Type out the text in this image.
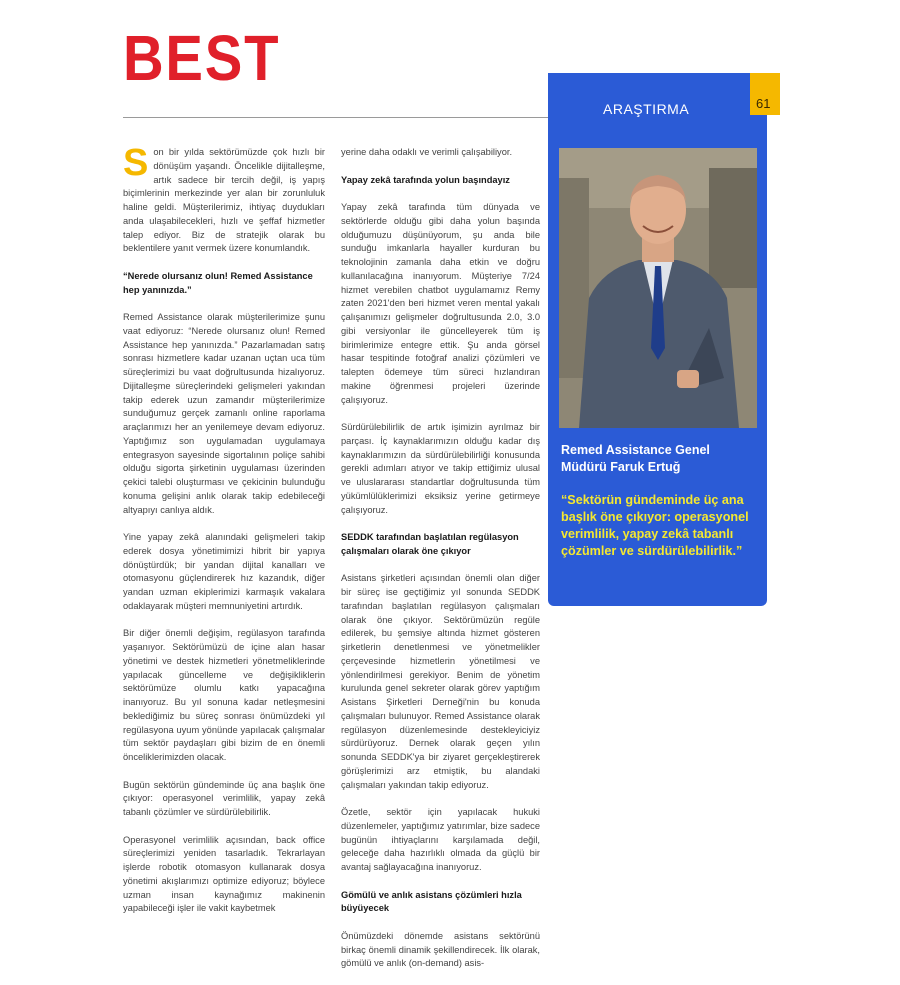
BEST
ARAŞTIRMA	61

Remed Assistance Genel Müdürü Faruk Ertuğ

“Sektörün gündeminde üç ana başlık öne çıkıyor: operasyonel verimlilik, yapay zekâ tabanlı çözümler ve sürdürülebilirlik.”

Son bir yılda sektörümüzde çok hızlı bir dönüşüm yaşandı. Öncelikle dijitalleşme, artık sadece bir tercih değil, iş yapış biçimlerinin merkezinde yer alan bir zorunluluk haline geldi. Müşterilerimiz, ihtiyaç duydukları anda ulaşabilecekleri, hızlı ve şeffaf hizmetler talep ediyor. Biz de stratejik olarak bu beklentilere yanıt vermek üzere konumlandık.

“Nerede olursanız olun! Remed Assistance hep yanınızda.”

Remed Assistance olarak müşterilerimize şunu vaat ediyoruz: “Nerede olursanız olun! Remed Assistance hep yanınızda.” Pazarlamadan satış sonrası hizmetlere kadar uzanan uçtan uca tüm süreçlerimizi bu vaat doğrultusunda hizalıyoruz. Dijitalleşme süreçlerindeki gelişmeleri yakından takip ederek uzun zamandır müşterilerimize sunduğumuz gerçek zamanlı online raporlama araçlarımızı her an yenilemeye devam ediyoruz. Yaptığımız son uygulamadan uygulamaya entegrasyon sayesinde sigortalının poliçe sahibi olduğu sigorta şirketinin uygulaması üzerinden çekici talebi oluşturması ve çekicinin bulunduğu konuma gelişini anlık olarak takip edebileceği altyapıyı canlıya aldık.

Yine yapay zekâ alanındaki gelişmeleri takip ederek dosya yönetimimizi hibrit bir yapıya dönüştürdük; bir yandan dijital kanalları ve otomasyonu güçlendirerek hız kazandık, diğer yandan uzman ekiplerimizi karmaşık vakalara odaklayarak müşteri memnuniyetini artırdık.

Bir diğer önemli değişim, regülasyon tarafında yaşanıyor. Sektörümüzü de içine alan hasar yönetimi ve destek hizmetleri yönetmeliklerinde yapılacak güncelleme ve değişikliklerin sektörümüze olumlu katkı yapacağına inanıyoruz. Bu yıl sonuna kadar netleşmesini beklediğimiz bu süreç sonrası önümüzdeki yıl regülasyona uyum yönünde yapılacak çalışmalar tüm sektör paydaşları gibi bizim de en önemli önceliklerimizden olacak.

Bugün sektörün gündeminde üç ana başlık öne çıkıyor: operasyonel verimlilik, yapay zekâ tabanlı çözümler ve sürdürülebilirlik.

Operasyonel verimlilik açısından, back office süreçlerimizi yeniden tasarladık. Tekrarlayan işlerde robotik otomasyon kullanarak dosya yönetimi akışlarımızı optimize ediyoruz; böylece uzman insan kaynağımız makinenin yapabileceği işler ile vakit kaybetmek

yerine daha odaklı ve verimli çalışabiliyor.

Yapay zekâ tarafında yolun başındayız

Yapay zekâ tarafında tüm dünyada ve sektörlerde olduğu gibi daha yolun başında olduğumuzu düşünüyorum, şu anda bile sunduğu imkanlarla hayaller kurduran bu teknolojinin zamanla daha etkin ve doğru kullanılacağına inanıyorum. Müşteriye 7/24 hizmet verebilen chatbot uygulamamız Remy zaten 2021'den beri hizmet veren mental yakalı çalışanımızı gelişmeler doğrultusunda 2.0, 3.0 gibi versiyonlar ile güncelleyerek tüm iş birimlerimize entegre ettik. Şu anda görsel hasar tespitinde fotoğraf analizi çözümleri ve talepten ödemeye tüm süreci hızlandıran makine öğrenmesi projeleri üzerinde çalışıyoruz.

Sürdürülebilirlik de artık işimizin ayrılmaz bir parçası. İç kaynaklarımızın olduğu kadar dış kaynaklarımızın da sürdürülebilirliği konusunda gerekli adımları atıyor ve takip ettiğimiz ulusal ve uluslararası standartlar doğrultusunda tüm yükümlülüklerimizi eksiksiz yerine getirmeye çalışıyoruz.

SEDDK tarafından başlatılan regülasyon çalışmaları olarak öne çıkıyor

Asistans şirketleri açısından önemli olan diğer bir süreç ise geçtiğimiz yıl sonunda SEDDK tarafından başlatılan regülasyon çalışmaları olarak öne çıkıyor. Sektörümüzün regüle edilerek, bu şemsiye altında hizmet gösteren şirketlerin denetlenmesi ve yönetmelikler çerçevesinde hizmetlerin yönetilmesi ve yönlendirilmesi gerekiyor. Benim de yönetim kurulunda genel sekreter olarak görev yaptığım Asistans Şirketleri Derneği'nin bu konuda çalışmaları bulunuyor. Remed Assistance olarak regülasyon düzenlemesinde destekleyiciyiz sürdürüyoruz. Dernek olarak geçen yılın sonunda SEDDK'ya bir ziyaret gerçekleştirerek görüşlerimizi arz etmiştik, bu alandaki çalışmaları yakından takip ediyoruz.

Özetle, sektör için yapılacak hukuki düzenlemeler, yaptığımız yatırımlar, bize sadece bugünün ihtiyaçlarını karşılamada değil, geleceğe daha hazırlıklı olmada da güçlü bir avantaj sağlayacağına inanıyoruz.

Gömülü ve anlık asistans çözümleri hızla büyüyecek

Önümüzdeki dönemde asistans sektörünü birkaç önemli dinamik şekillendirecek. İlk olarak, gömülü ve anlık (on-demand) asis-
